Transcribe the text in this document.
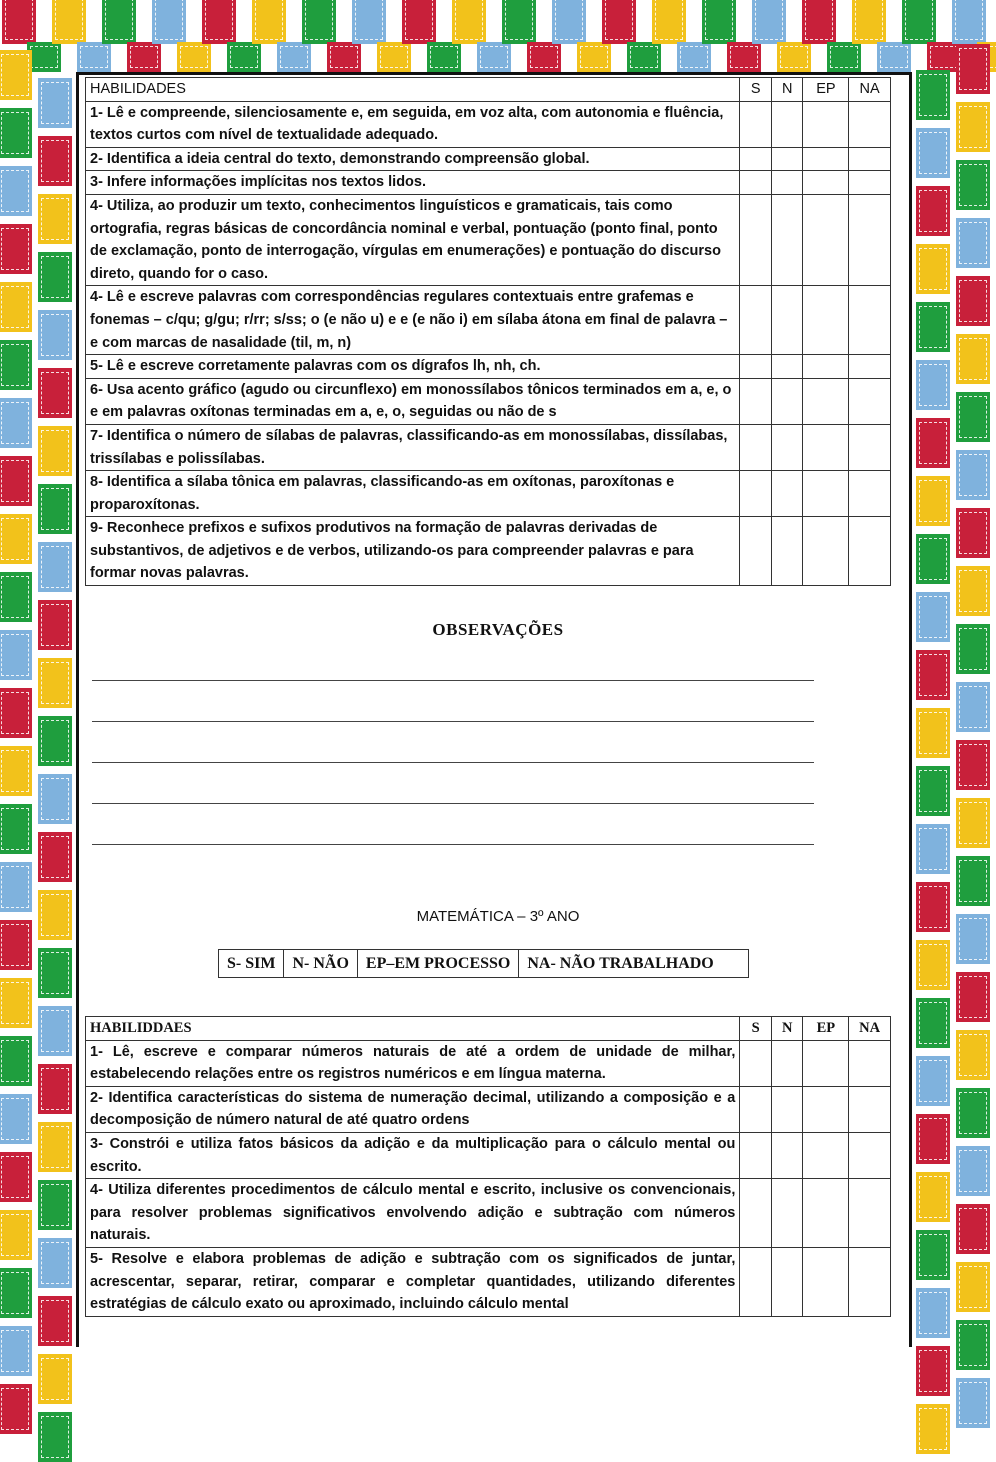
HABILIDADES	S	N	EP	NA
1- Lê e compreende, silenciosamente e, em seguida, em voz alta, com autonomia e fluência, textos curtos com nível de textualidade adequado.				
2- Identifica a ideia central do texto, demonstrando compreensão global.				
3- Infere informações implícitas nos textos lidos.				
4- Utiliza, ao produzir um texto, conhecimentos linguísticos e gramaticais, tais como ortografia, regras básicas de concordância nominal e verbal, pontuação (ponto final, ponto de exclamação, ponto de interrogação, vírgulas em enumerações) e pontuação do discurso direto, quando for o caso.				
4- Lê e escreve palavras com correspondências regulares contextuais entre grafemas e fonemas – c/qu; g/gu; r/rr; s/ss; o (e não u) e e (e não i) em sílaba átona em final de palavra – e com marcas de nasalidade (til, m, n)				
5- Lê e escreve corretamente palavras com os dígrafos lh, nh, ch.				
6- Usa acento gráfico (agudo ou circunflexo) em monossílabos tônicos terminados em a, e, o e em palavras oxítonas terminadas em a, e, o, seguidas ou não de s				
7- Identifica o número de sílabas de palavras, classificando-as em monossílabas, dissílabas, trissílabas e polissílabas.				
8- Identifica a sílaba tônica em palavras, classificando-as em oxítonas, paroxítonas e proparoxítonas.				
9- Reconhece prefixos e sufixos produtivos na formação de palavras derivadas de substantivos, de adjetivos e de verbos, utilizando-os para compreender palavras e para formar novas palavras.				
OBSERVAÇÕES
MATEMÁTICA – 3º ANO
S- SIM	N- NÃO	EP–EM PROCESSO	NA- NÃO TRABALHADO
HABILIDDAES	S	N	EP	NA
1- Lê, escreve e comparar números naturais de até a ordem de unidade de milhar, estabelecendo relações entre os registros numéricos e em língua materna.				
2- Identifica características do sistema de numeração decimal, utilizando a composição e a decomposição de número natural de até quatro ordens				
3- Constrói e utiliza fatos básicos da adição e da multiplicação para o cálculo mental ou escrito.				
4- Utiliza diferentes procedimentos de cálculo mental e escrito, inclusive os convencionais, para resolver problemas significativos envolvendo adição e subtração com números naturais.				
5- Resolve e elabora problemas de adição e subtração com os significados de juntar, acrescentar, separar, retirar, comparar e completar quantidades, utilizando diferentes estratégias de cálculo exato ou aproximado, incluindo cálculo mental				
